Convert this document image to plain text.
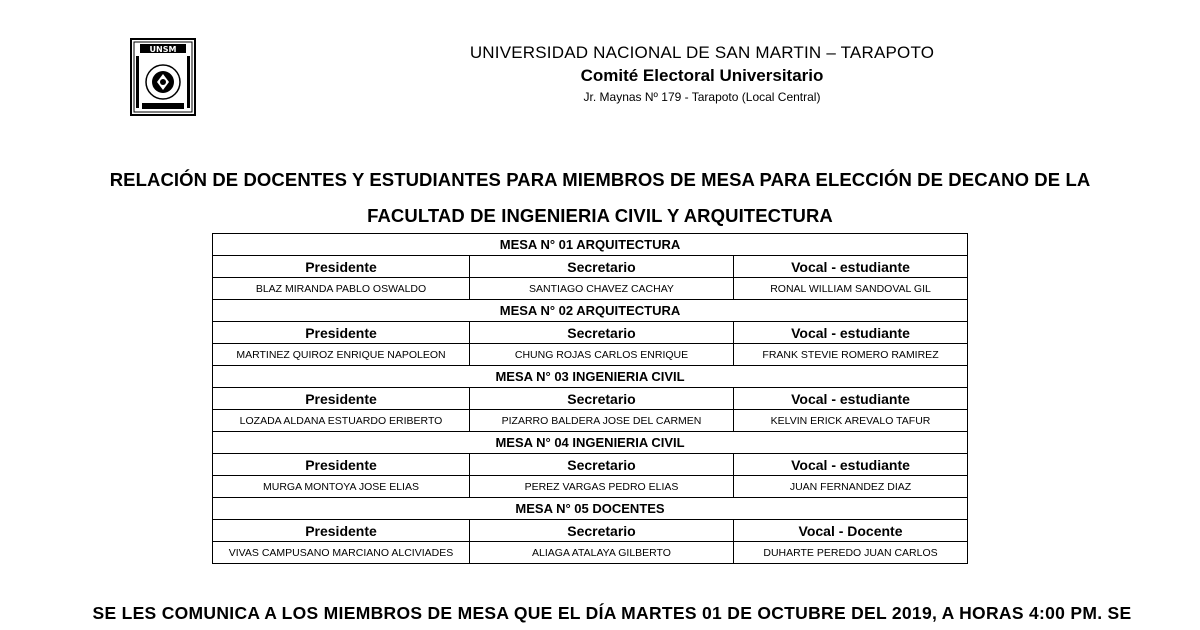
UNSM	UNIVERSIDAD NACIONAL DE SAN MARTIN – TARAPOTO
Comité Electoral Universitario
Jr. Maynas Nº 179 - Tarapoto (Local Central)
RELACIÓN DE DOCENTES Y ESTUDIANTES PARA MIEMBROS DE MESA PARA ELECCIÓN DE DECANO DE LA
FACULTAD DE INGENIERIA CIVIL Y ARQUITECTURA
MESA N° 01 ARQUITECTURA		
Presidente	Secretario	Vocal - estudiante
BLAZ MIRANDA PABLO OSWALDO	SANTIAGO CHAVEZ CACHAY	RONAL WILLIAM SANDOVAL GIL
MESA N° 02 ARQUITECTURA		
Presidente	Secretario	Vocal - estudiante
MARTINEZ QUIROZ ENRIQUE NAPOLEON	CHUNG ROJAS CARLOS ENRIQUE	FRANK STEVIE ROMERO RAMIREZ
MESA N° 03 INGENIERIA CIVIL		
Presidente	Secretario	Vocal - estudiante
LOZADA ALDANA ESTUARDO ERIBERTO	PIZARRO BALDERA JOSE DEL CARMEN	KELVIN ERICK AREVALO TAFUR
MESA N° 04 INGENIERIA CIVIL		
Presidente	Secretario	Vocal - estudiante
MURGA MONTOYA JOSE ELIAS	PEREZ VARGAS PEDRO ELIAS	JUAN FERNANDEZ DIAZ
MESA N° 05 DOCENTES		
Presidente	Secretario	Vocal - Docente
VIVAS CAMPUSANO MARCIANO ALCIVIADES	ALIAGA ATALAYA GILBERTO	DUHARTE PEREDO JUAN CARLOS
SE LES COMUNICA A LOS MIEMBROS DE MESA QUE EL DÍA MARTES 01 DE OCTUBRE DEL 2019, A HORAS 4:00 PM. SE
